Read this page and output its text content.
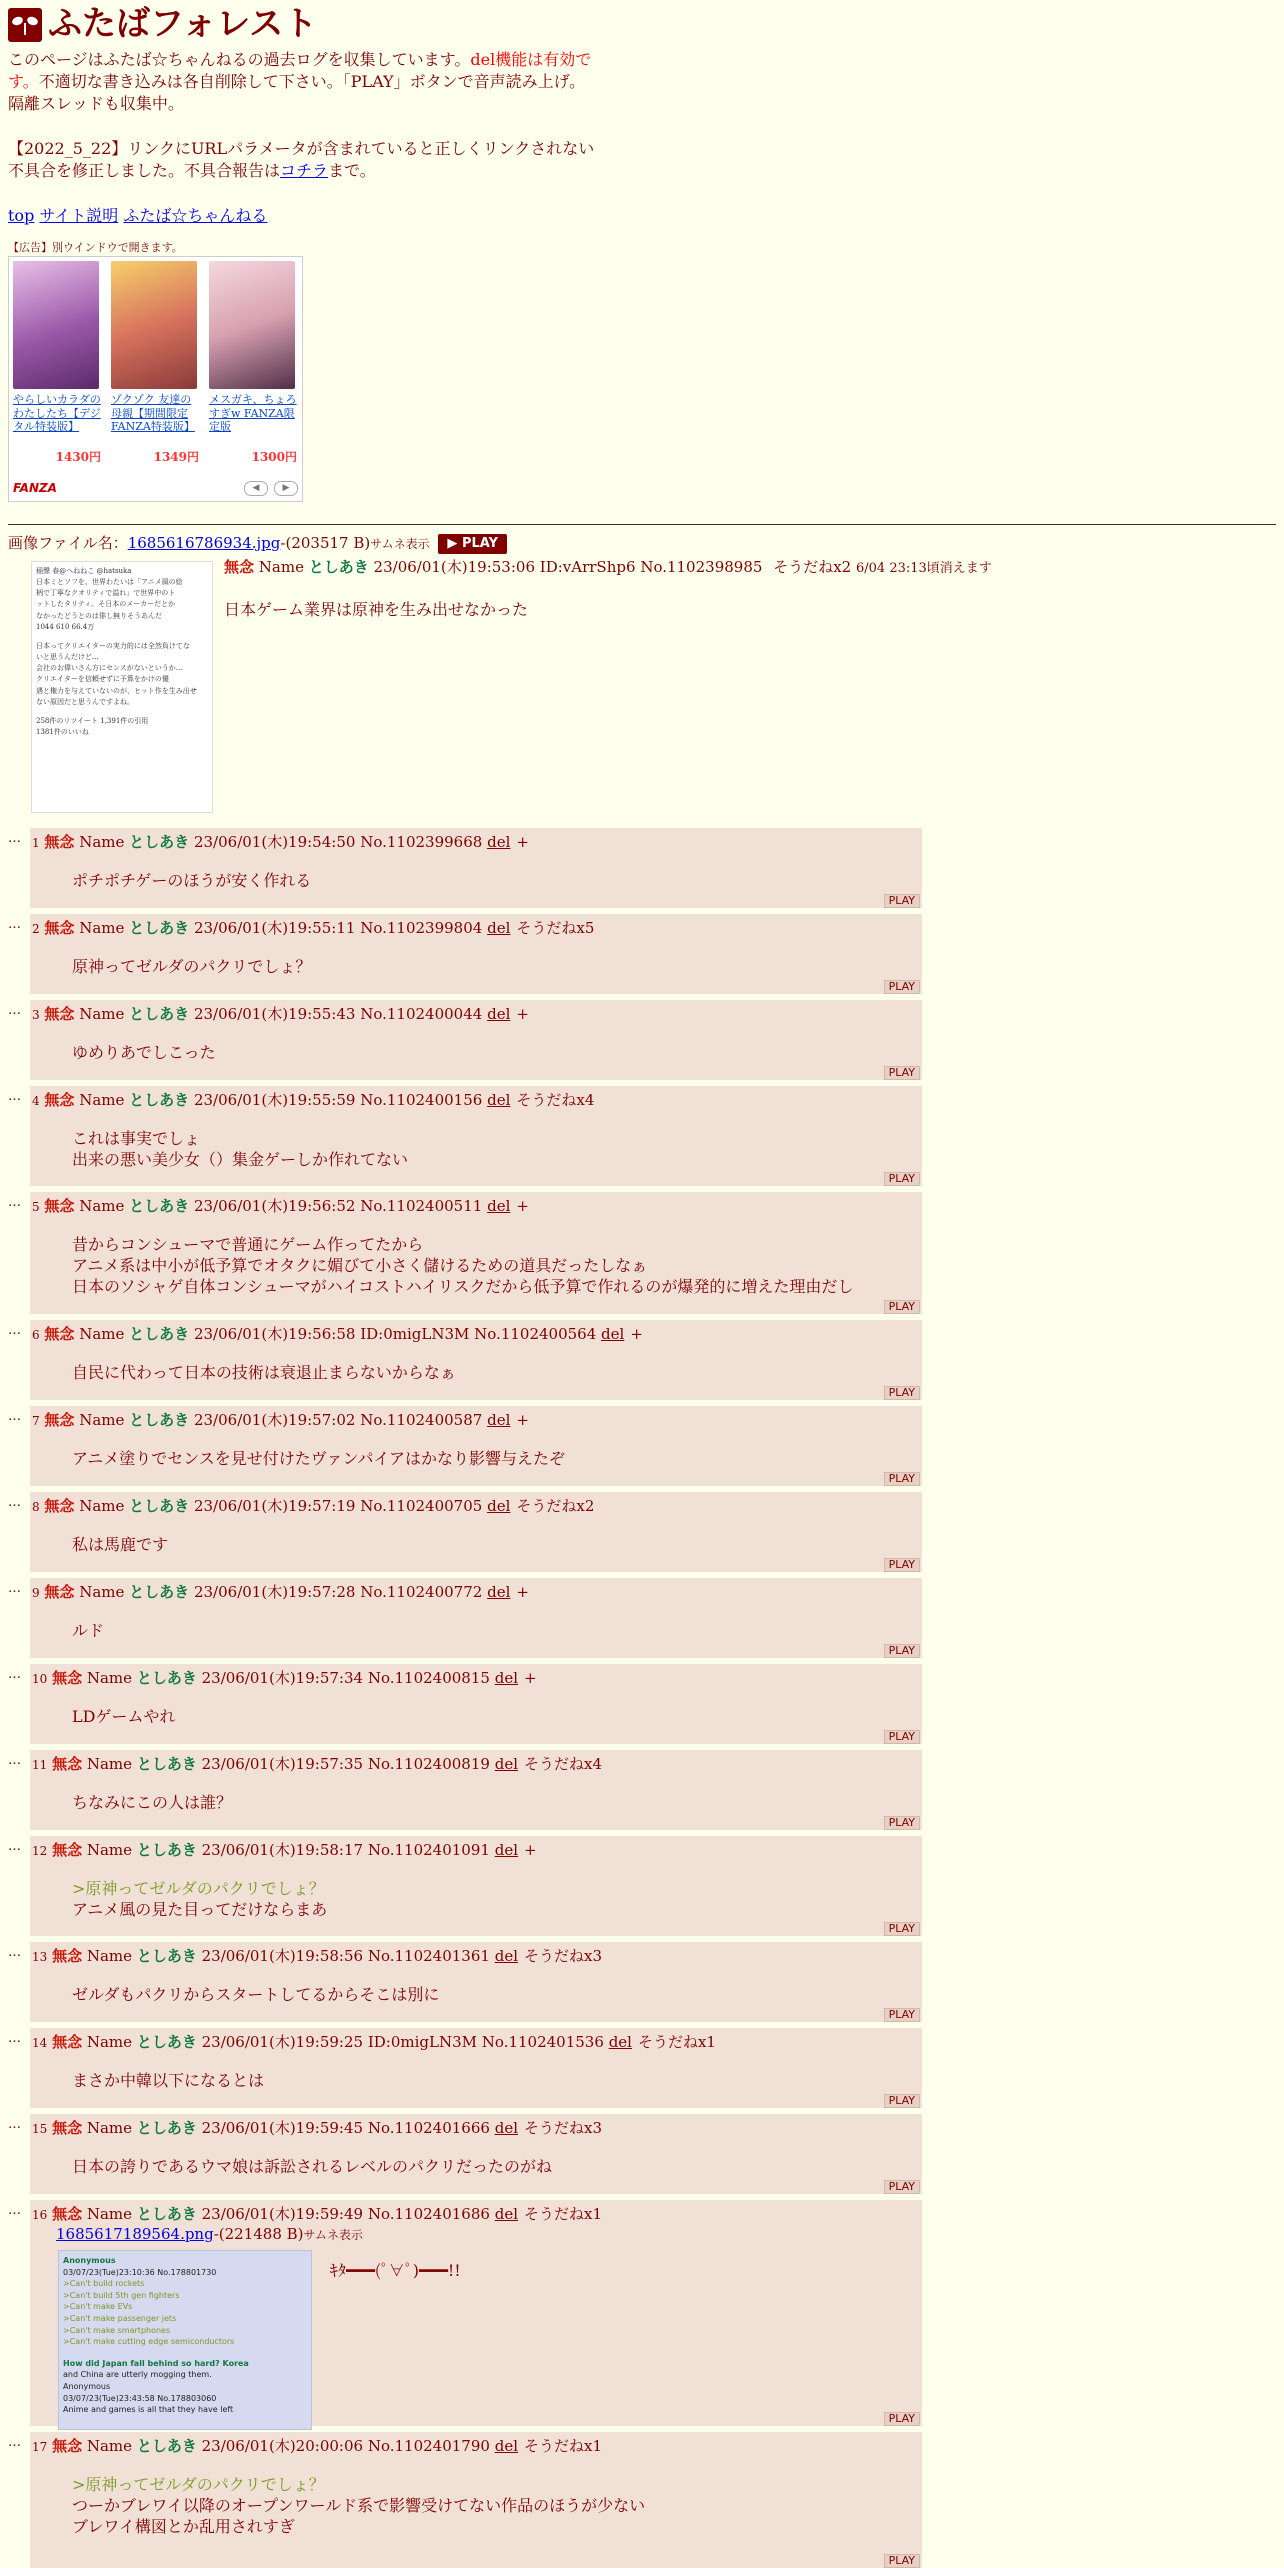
ふたばフォレスト
このページはふたば☆ちゃんねるの過去ログを収集しています。del機能は有効です。不適切な書き込みは各自削除して下さい。「PLAY」ボタンで音声読み上げ。隔離スレッドも収集中。
【2022_5_22】リンクにURLパラメータが含まれていると正しくリンクされない不具合を修正しました。不具合報告はコチラまで。
top サイト説明 ふたば☆ちゃんねる
【広告】別ウインドウで開きます。
やらしいカラダのわたしたち【デジタル特装版】
1430円
ゾクゾク 友達の母親【期間限定FANZA特装版】
1349円
メスガキ、ちょろすぎw FANZA限定版
1300円
FANZA	◀	▶
画像ファイル名：1685616786934.jpg-(203517 B)サムネ表示 ▶ PLAY
稲聲 春@へねねこ @hatsuka
日本ミとソフを、世界わたいは「アニメ風の絵
柄で丁寧なクオリティで溢れ」で世界中のト
ットしたタリティ。そ日本のメーカーだとか
なかったどうとのは俳し無りそうあんだ
1044 610 66.4万
日本ってクリエイターの実力的には全然負けてな
いと思うんだけど...
会社のお偉いさん方にセンスがないというか...
クリエイターを信頼せずに予算をかけの優
遇と権力を与えていないのが、ヒット作を生み出せ
ない原因だと思うんですよね。
258件のリツイート 1,391件の引用
1381件のいいね
無念 Name としあき 23/06/01(木)19:53:06 ID:vArrShp6 No.1102398985 そうだねx2 6/04 23:13頃消えます
日本ゲーム業界は原神を生み出せなかった
… 1 無念 Name としあき 23/06/01(木)19:54:50 No.1102399668 del +
ポチポチゲーのほうが安く作れる
PLAY
… 2 無念 Name としあき 23/06/01(木)19:55:11 No.1102399804 del そうだねx5
原神ってゼルダのパクリでしょ？
PLAY
… 3 無念 Name としあき 23/06/01(木)19:55:43 No.1102400044 del +
ゆめりあでしこった
PLAY
… 4 無念 Name としあき 23/06/01(木)19:55:59 No.1102400156 del そうだねx4
これは事実でしょ
出来の悪い美少女（）集金ゲーしか作れてない
PLAY
… 5 無念 Name としあき 23/06/01(木)19:56:52 No.1102400511 del +
昔からコンシューマで普通にゲーム作ってたから
アニメ系は中小が低予算でオタクに媚びて小さく儲けるための道具だったしなぁ
日本のソシャゲ自体コンシューマがハイコストハイリスクだから低予算で作れるのが爆発的に増えた理由だし
PLAY
… 6 無念 Name としあき 23/06/01(木)19:56:58 ID:0migLN3M No.1102400564 del +
自民に代わって日本の技術は衰退止まらないからなぁ
PLAY
… 7 無念 Name としあき 23/06/01(木)19:57:02 No.1102400587 del +
アニメ塗りでセンスを見せ付けたヴァンパイアはかなり影響与えたぞ
PLAY
… 8 無念 Name としあき 23/06/01(木)19:57:19 No.1102400705 del そうだねx2
私は馬鹿です
PLAY
… 9 無念 Name としあき 23/06/01(木)19:57:28 No.1102400772 del +
ルド
PLAY
… 10 無念 Name としあき 23/06/01(木)19:57:34 No.1102400815 del +
LDゲームやれ
PLAY
… 11 無念 Name としあき 23/06/01(木)19:57:35 No.1102400819 del そうだねx4
ちなみにこの人は誰？
PLAY
… 12 無念 Name としあき 23/06/01(木)19:58:17 No.1102401091 del +
>原神ってゼルダのパクリでしょ？
アニメ風の見た目ってだけならまあ
PLAY
… 13 無念 Name としあき 23/06/01(木)19:58:56 No.1102401361 del そうだねx3
ゼルダもパクリからスタートしてるからそこは別に
PLAY
… 14 無念 Name としあき 23/06/01(木)19:59:25 ID:0migLN3M No.1102401536 del そうだねx1
まさか中韓以下になるとは
PLAY
… 15 無念 Name としあき 23/06/01(木)19:59:45 No.1102401666 del そうだねx3
日本の誇りであるウマ娘は訴訟されるレベルのパクリだったのがね
PLAY
… 16 無念 Name としあき 23/06/01(木)19:59:49 No.1102401686 del そうだねx1
1685617189564.png-(221488 B)サムネ表示
Anonymous
03/07/23(Tue)23:10:36 No.178801730
>Can't build rockets
>Can't build 5th gen fighters
>Can't make EVs
>Can't make passenger jets
>Can't make smartphones
>Can't make cutting edge semiconductors
How did Japan fall behind so hard? Korea
and China are utterly mogging them.
Anonymous
03/07/23(Tue)23:43:58 No.178803060
Anime and games is all that they have left
ｷﾀ━━━(ﾟ∀ﾟ)━━━!!
PLAY
… 17 無念 Name としあき 23/06/01(木)20:00:06 No.1102401790 del そうだねx1
>原神ってゼルダのパクリでしょ？
つーかブレワイ以降のオープンワールド系で影響受けてない作品のほうが少ない
ブレワイ構図とか乱用されすぎ
PLAY
